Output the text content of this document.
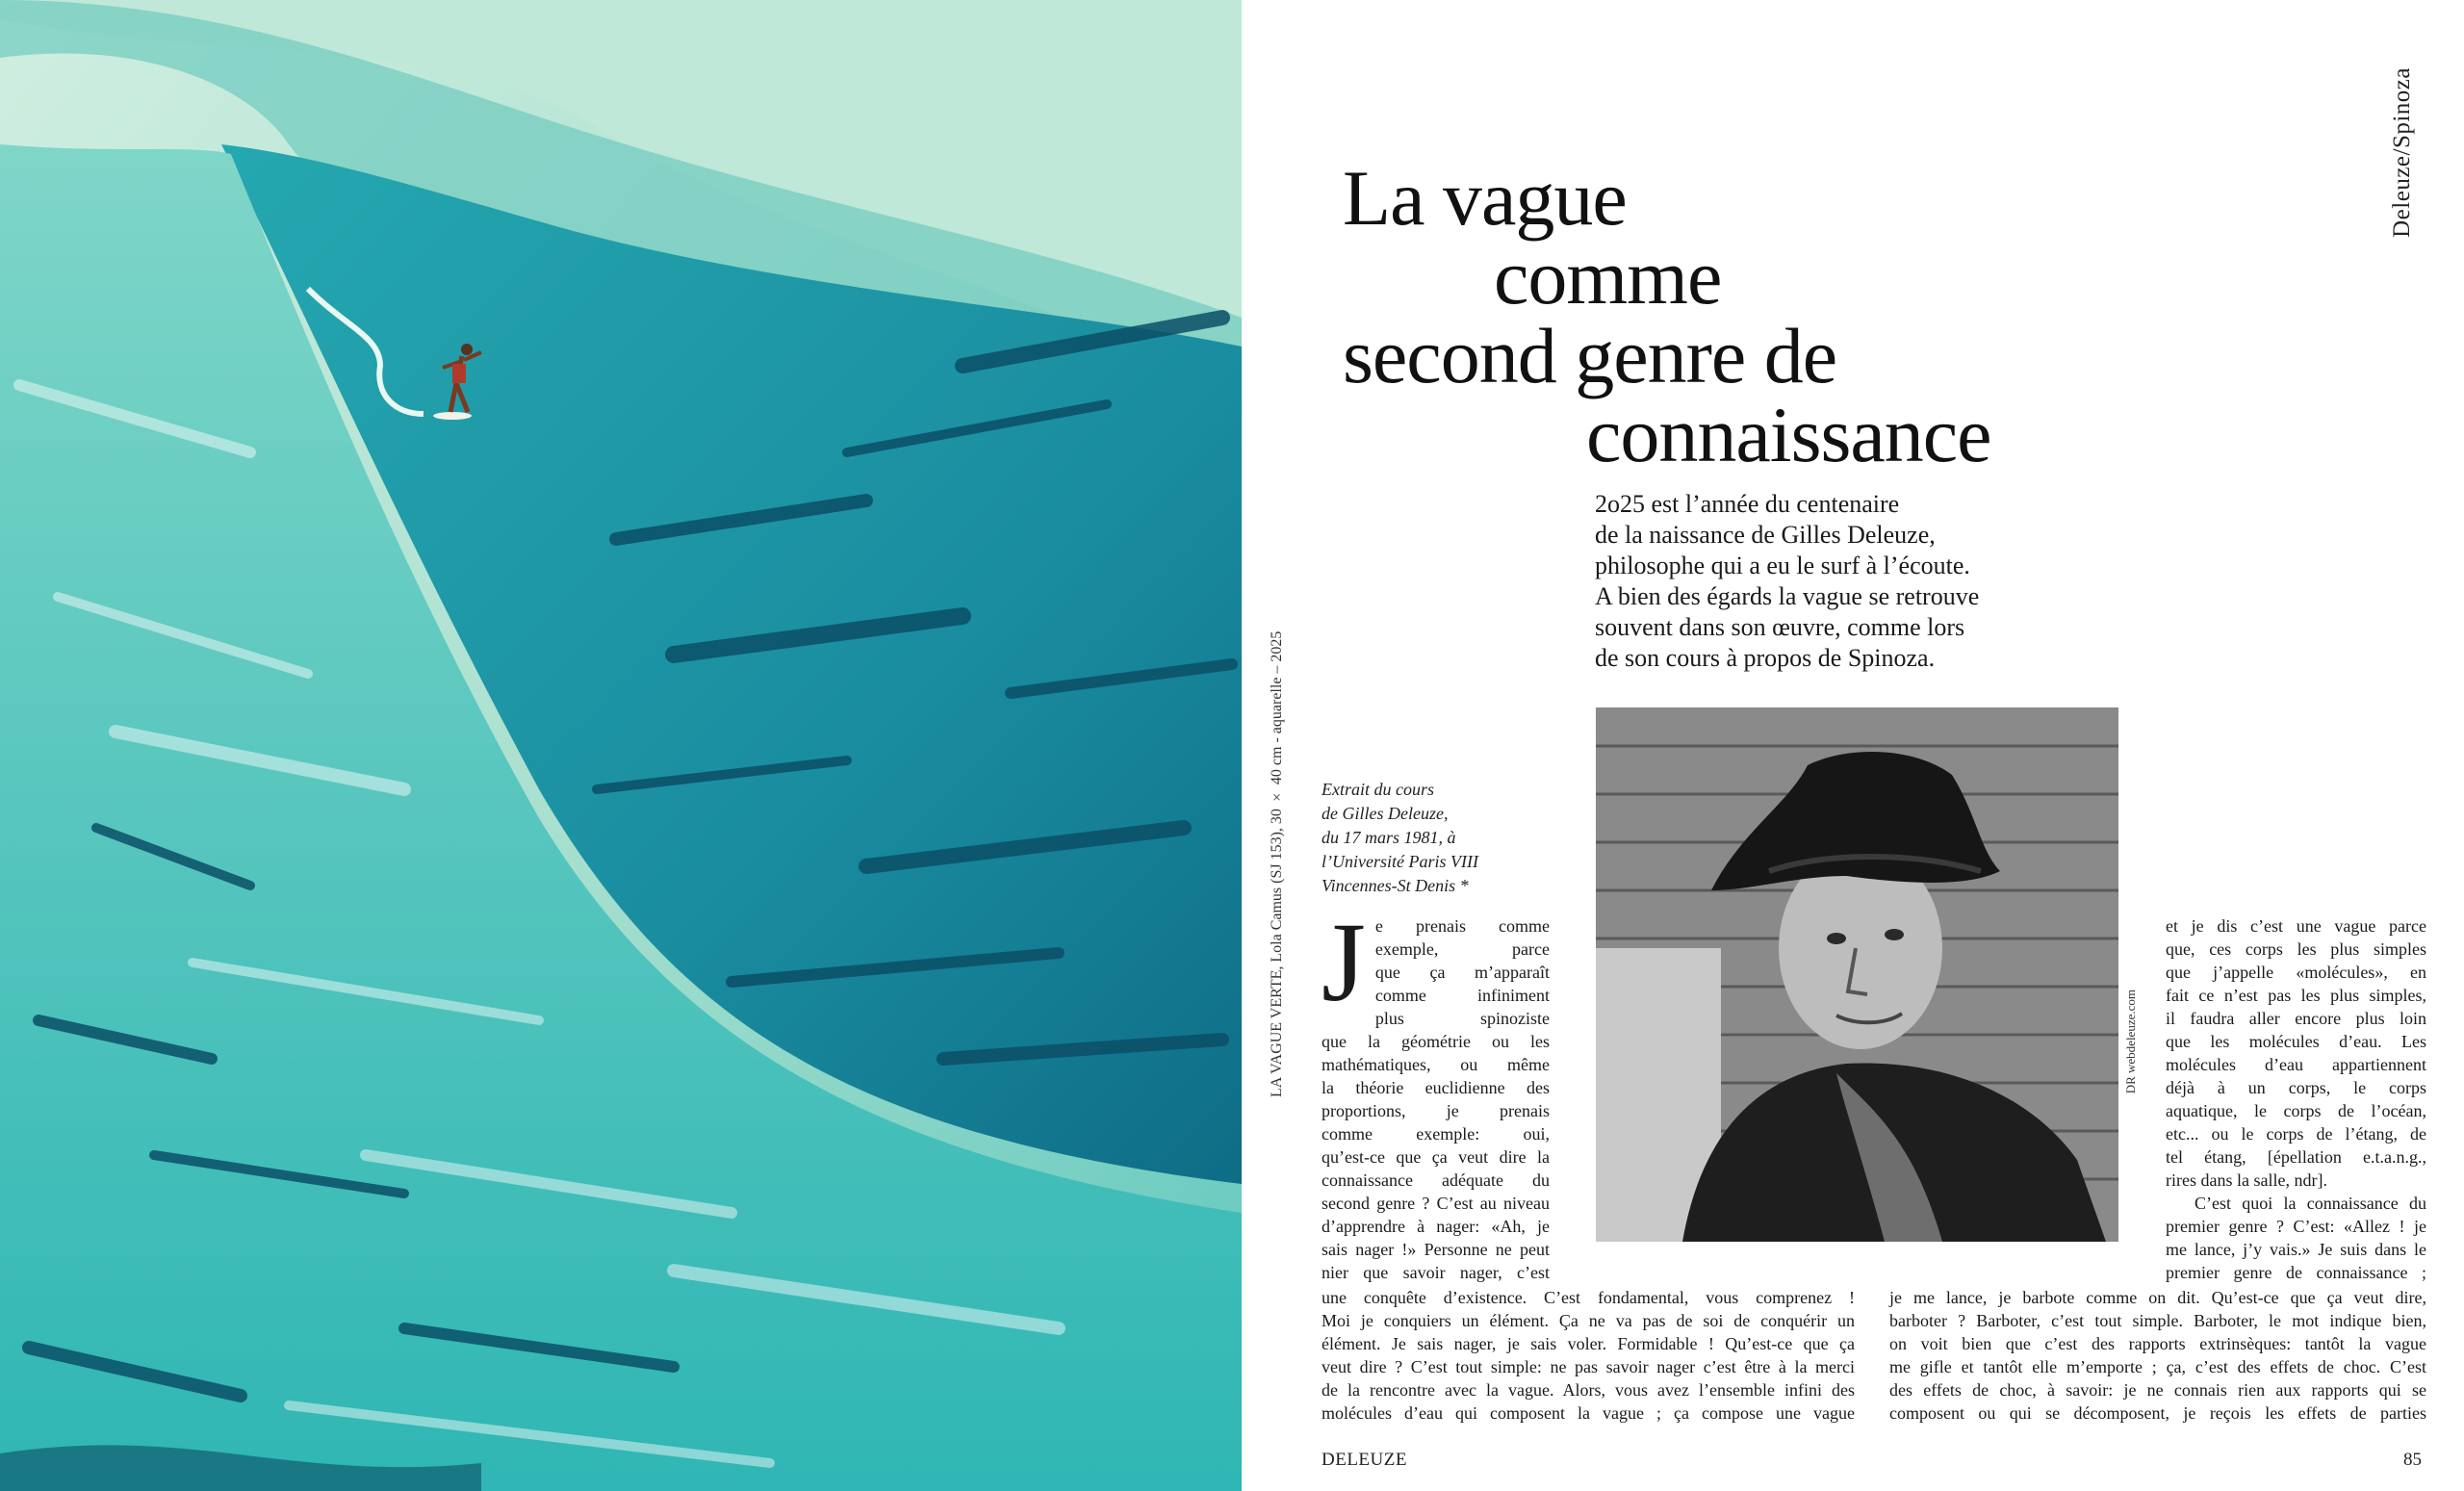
Deleuze/Spinoza
La vague
comme
second genre de
connaissance
2o25 est l’année du centenaire
de la naissance de Gilles Deleuze,
philosophe qui a eu le surf à l’écoute.
A bien des égards la vague se retrouve
souvent dans son œuvre, comme lors
de son cours à propos de Spinoza.
LA VAGUE VERTE, Lola Camus (SJ 153), 30 × 40 cm - aquarelle – 2025 Extrait du cours
de Gilles Deleuze,
du 17 mars 1981, à
l’Université Paris VIII
Vincennes-St Denis *
DR webdeleuze.com
J e prenais comme
exemple, parce
que ça m’apparaît
comme infiniment
plus spinoziste
que la géométrie ou les
mathématiques, ou même
la théorie euclidienne des
proportions, je prenais
comme exemple: oui,
qu’est-ce que ça veut dire la
connaissance adéquate du
second genre ? C’est au niveau
d’apprendre à nager: «Ah, je
sais nager !» Personne ne peut
nier que savoir nager, c’est
une conquête d’existence. C’est fondamental, vous comprenez !
Moi je conquiers un élément. Ça ne va pas de soi de conquérir un
élément. Je sais nager, je sais voler. Formidable ! Qu’est-ce que ça
veut dire ? C’est tout simple: ne pas savoir nager c’est être à la merci
de la rencontre avec la vague. Alors, vous avez l’ensemble infini des
molécules d’eau qui composent la vague ; ça compose une vague
et je dis c’est une vague parce
que, ces corps les plus simples
que j’appelle «molécules», en
fait ce n’est pas les plus simples,
il faudra aller encore plus loin
que les molécules d’eau. Les
molécules d’eau appartiennent
déjà à un corps, le corps
aquatique, le corps de l’océan,
etc... ou le corps de l’étang, de
tel étang, [épellation e.t.a.n.g.,
rires dans la salle, ndr].
C’est quoi la connaissance du
premier genre ? C’est: «Allez ! je
me lance, j’y vais.» Je suis dans le
premier genre de connaissance ;
je me lance, je barbote comme on dit. Qu’est-ce que ça veut dire,
barboter ? Barboter, c’est tout simple. Barboter, le mot indique bien,
on voit bien que c’est des rapports extrinsèques: tantôt la vague
me gifle et tantôt elle m’emporte ; ça, c’est des effets de choc. C’est
des effets de choc, à savoir: je ne connais rien aux rapports qui se
composent ou qui se décomposent, je reçois les effets de parties
DELEUZE	85
